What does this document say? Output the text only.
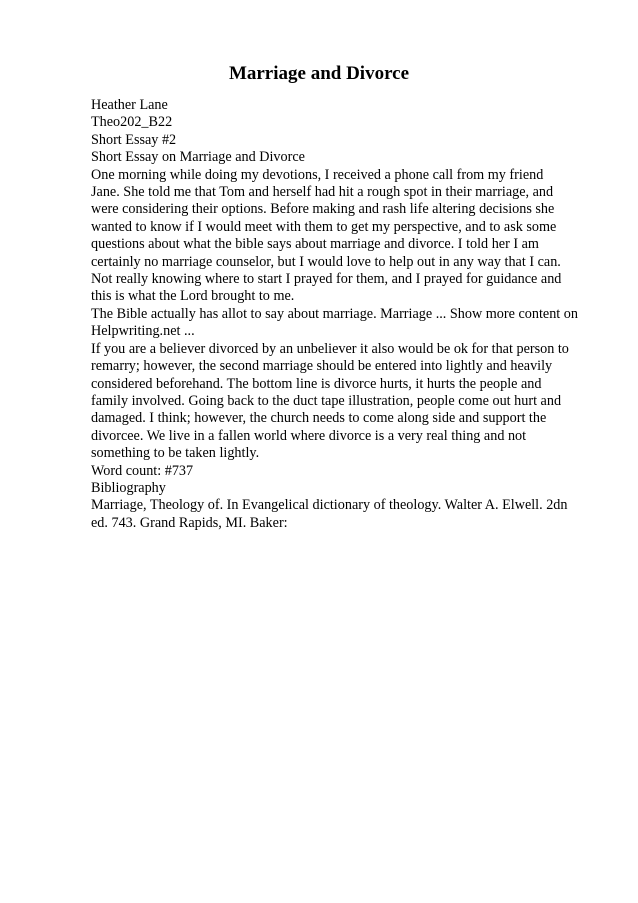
Marriage and Divorce
Heather Lane
Theo202_B22
Short Essay #2
Short Essay on Marriage and Divorce
One morning while doing my devotions, I received a phone call from my friend
Jane. She told me that Tom and herself had hit a rough spot in their marriage, and
were considering their options. Before making and rash life altering decisions she
wanted to know if I would meet with them to get my perspective, and to ask some
questions about what the bible says about marriage and divorce. I told her I am
certainly no marriage counselor, but I would love to help out in any way that I can.
Not really knowing where to start I prayed for them, and I prayed for guidance and
this is what the Lord brought to me.
The Bible actually has allot to say about marriage. Marriage ... Show more content on
Helpwriting.net ...
If you are a believer divorced by an unbeliever it also would be ok for that person to
remarry; however, the second marriage should be entered into lightly and heavily
considered beforehand. The bottom line is divorce hurts, it hurts the people and
family involved. Going back to the duct tape illustration, people come out hurt and
damaged. I think; however, the church needs to come along side and support the
divorcee. We live in a fallen world where divorce is a very real thing and not
something to be taken lightly.
Word count: #737
Bibliography
Marriage, Theology of. In Evangelical dictionary of theology. Walter A. Elwell. 2dn
ed. 743. Grand Rapids, MI. Baker:
